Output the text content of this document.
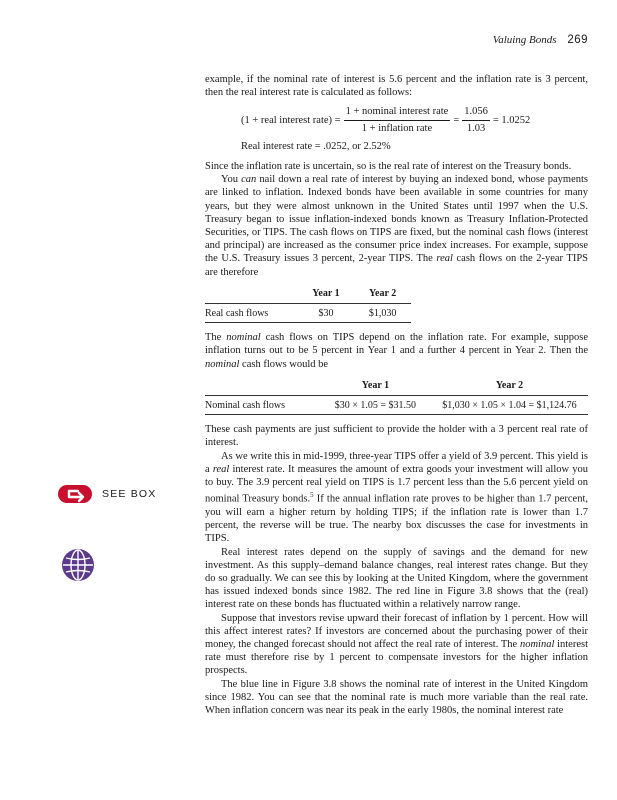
Valuing Bonds 269
SEE BOX

example, if the nominal rate of interest is 5.6 percent and the inflation rate is 3 percent, then the real interest rate is calculated as follows:

(1 + real interest rate) = $\frac{\text{1 + nominal interest rate}}{\text{1 + inflation rate}} = \frac{1.056}{1.03} = 1.0252$
Real interest rate = .0252, or 2.52%

Since the inflation rate is uncertain, so is the real rate of interest on the Treasury bonds.

You can nail down a real rate of interest by buying an indexed bond, whose payments are linked to inflation. Indexed bonds have been available in some countries for many years, but they were almost unknown in the United States until 1997 when the U.S. Treasury began to issue inflation-indexed bonds known as Treasury Inflation-Protected Securities, or TIPS. The cash flows on TIPS are fixed, but the nominal cash flows (interest and principal) are increased as the consumer price index increases. For example, suppose the U.S. Treasury issues 3 percent, 2-year TIPS. The real cash flows on the 2-year TIPS are therefore

	Year 1	Year 2
Real cash flows	$30	$1,030

The nominal cash flows on TIPS depend on the inflation rate. For example, suppose inflation turns out to be 5 percent in Year 1 and a further 4 percent in Year 2. Then the nominal cash flows would be

	Year 1	Year 2
Nominal cash flows	$30 × 1.05 = $31.50	$1,030 × 1.05 × 1.04 = $1,124.76

These cash payments are just sufficient to provide the holder with a 3 percent real rate of interest.

As we write this in mid-1999, three-year TIPS offer a yield of 3.9 percent. This yield is a real interest rate. It measures the amount of extra goods your investment will allow you to buy. The 3.9 percent real yield on TIPS is 1.7 percent less than the 5.6 percent yield on nominal Treasury bonds.$^5$ If the annual inflation rate proves to be higher than 1.7 percent, you will earn a higher return by holding TIPS; if the inflation rate is lower than 1.7 percent, the reverse will be true. The nearby box discusses the case for investments in TIPS.

Real interest rates depend on the supply of savings and the demand for new investment. As this supply–demand balance changes, real interest rates change. But they do so gradually. We can see this by looking at the United Kingdom, where the government has issued indexed bonds since 1982. The red line in Figure 3.8 shows that the (real) interest rate on these bonds has fluctuated within a relatively narrow range.

Suppose that investors revise upward their forecast of inflation by 1 percent. How will this affect interest rates? If investors are concerned about the purchasing power of their money, the changed forecast should not affect the real rate of interest. The nominal interest rate must therefore rise by 1 percent to compensate investors for the higher inflation prospects.

The blue line in Figure 3.8 shows the nominal rate of interest in the United Kingdom since 1982. You can see that the nominal rate is much more variable than the real rate. When inflation concern was near its peak in the early 1980s, the nominal interest rate
